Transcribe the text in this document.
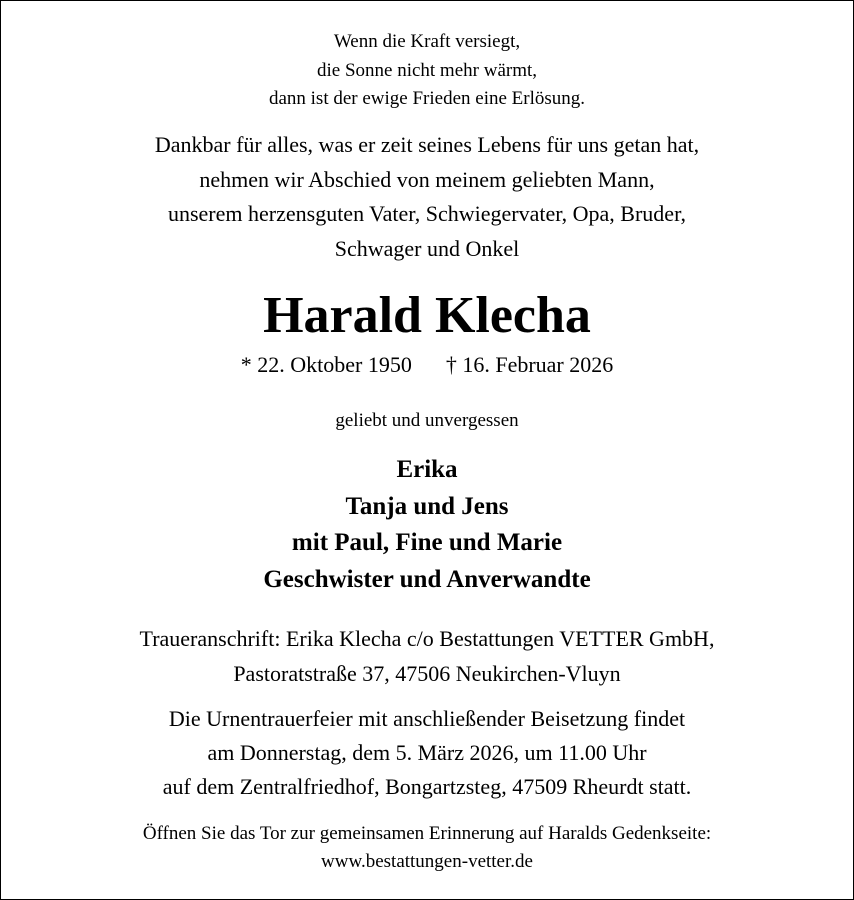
Wenn die Kraft versiegt,
die Sonne nicht mehr wärmt,
dann ist der ewige Frieden eine Erlösung.
Dankbar für alles, was er zeit seines Lebens für uns getan hat,
nehmen wir Abschied von meinem geliebten Mann,
unserem herzensguten Vater, Schwiegervater, Opa, Bruder,
Schwager und Onkel
Harald Klecha
* 22. Oktober 1950 † 16. Februar 2026
geliebt und unvergessen
Erika
Tanja und Jens
mit Paul, Fine und Marie
Geschwister und Anverwandte
Traueranschrift: Erika Klecha c/o Bestattungen VETTER GmbH,
Pastoratstraße 37, 47506 Neukirchen-Vluyn
Die Urnentrauerfeier mit anschließender Beisetzung findet
am Donnerstag, dem 5. März 2026, um 11.00 Uhr
auf dem Zentralfriedhof, Bongartzsteg, 47509 Rheurdt statt.
Öffnen Sie das Tor zur gemeinsamen Erinnerung auf Haralds Gedenkseite:
www.bestattungen-vetter.de
